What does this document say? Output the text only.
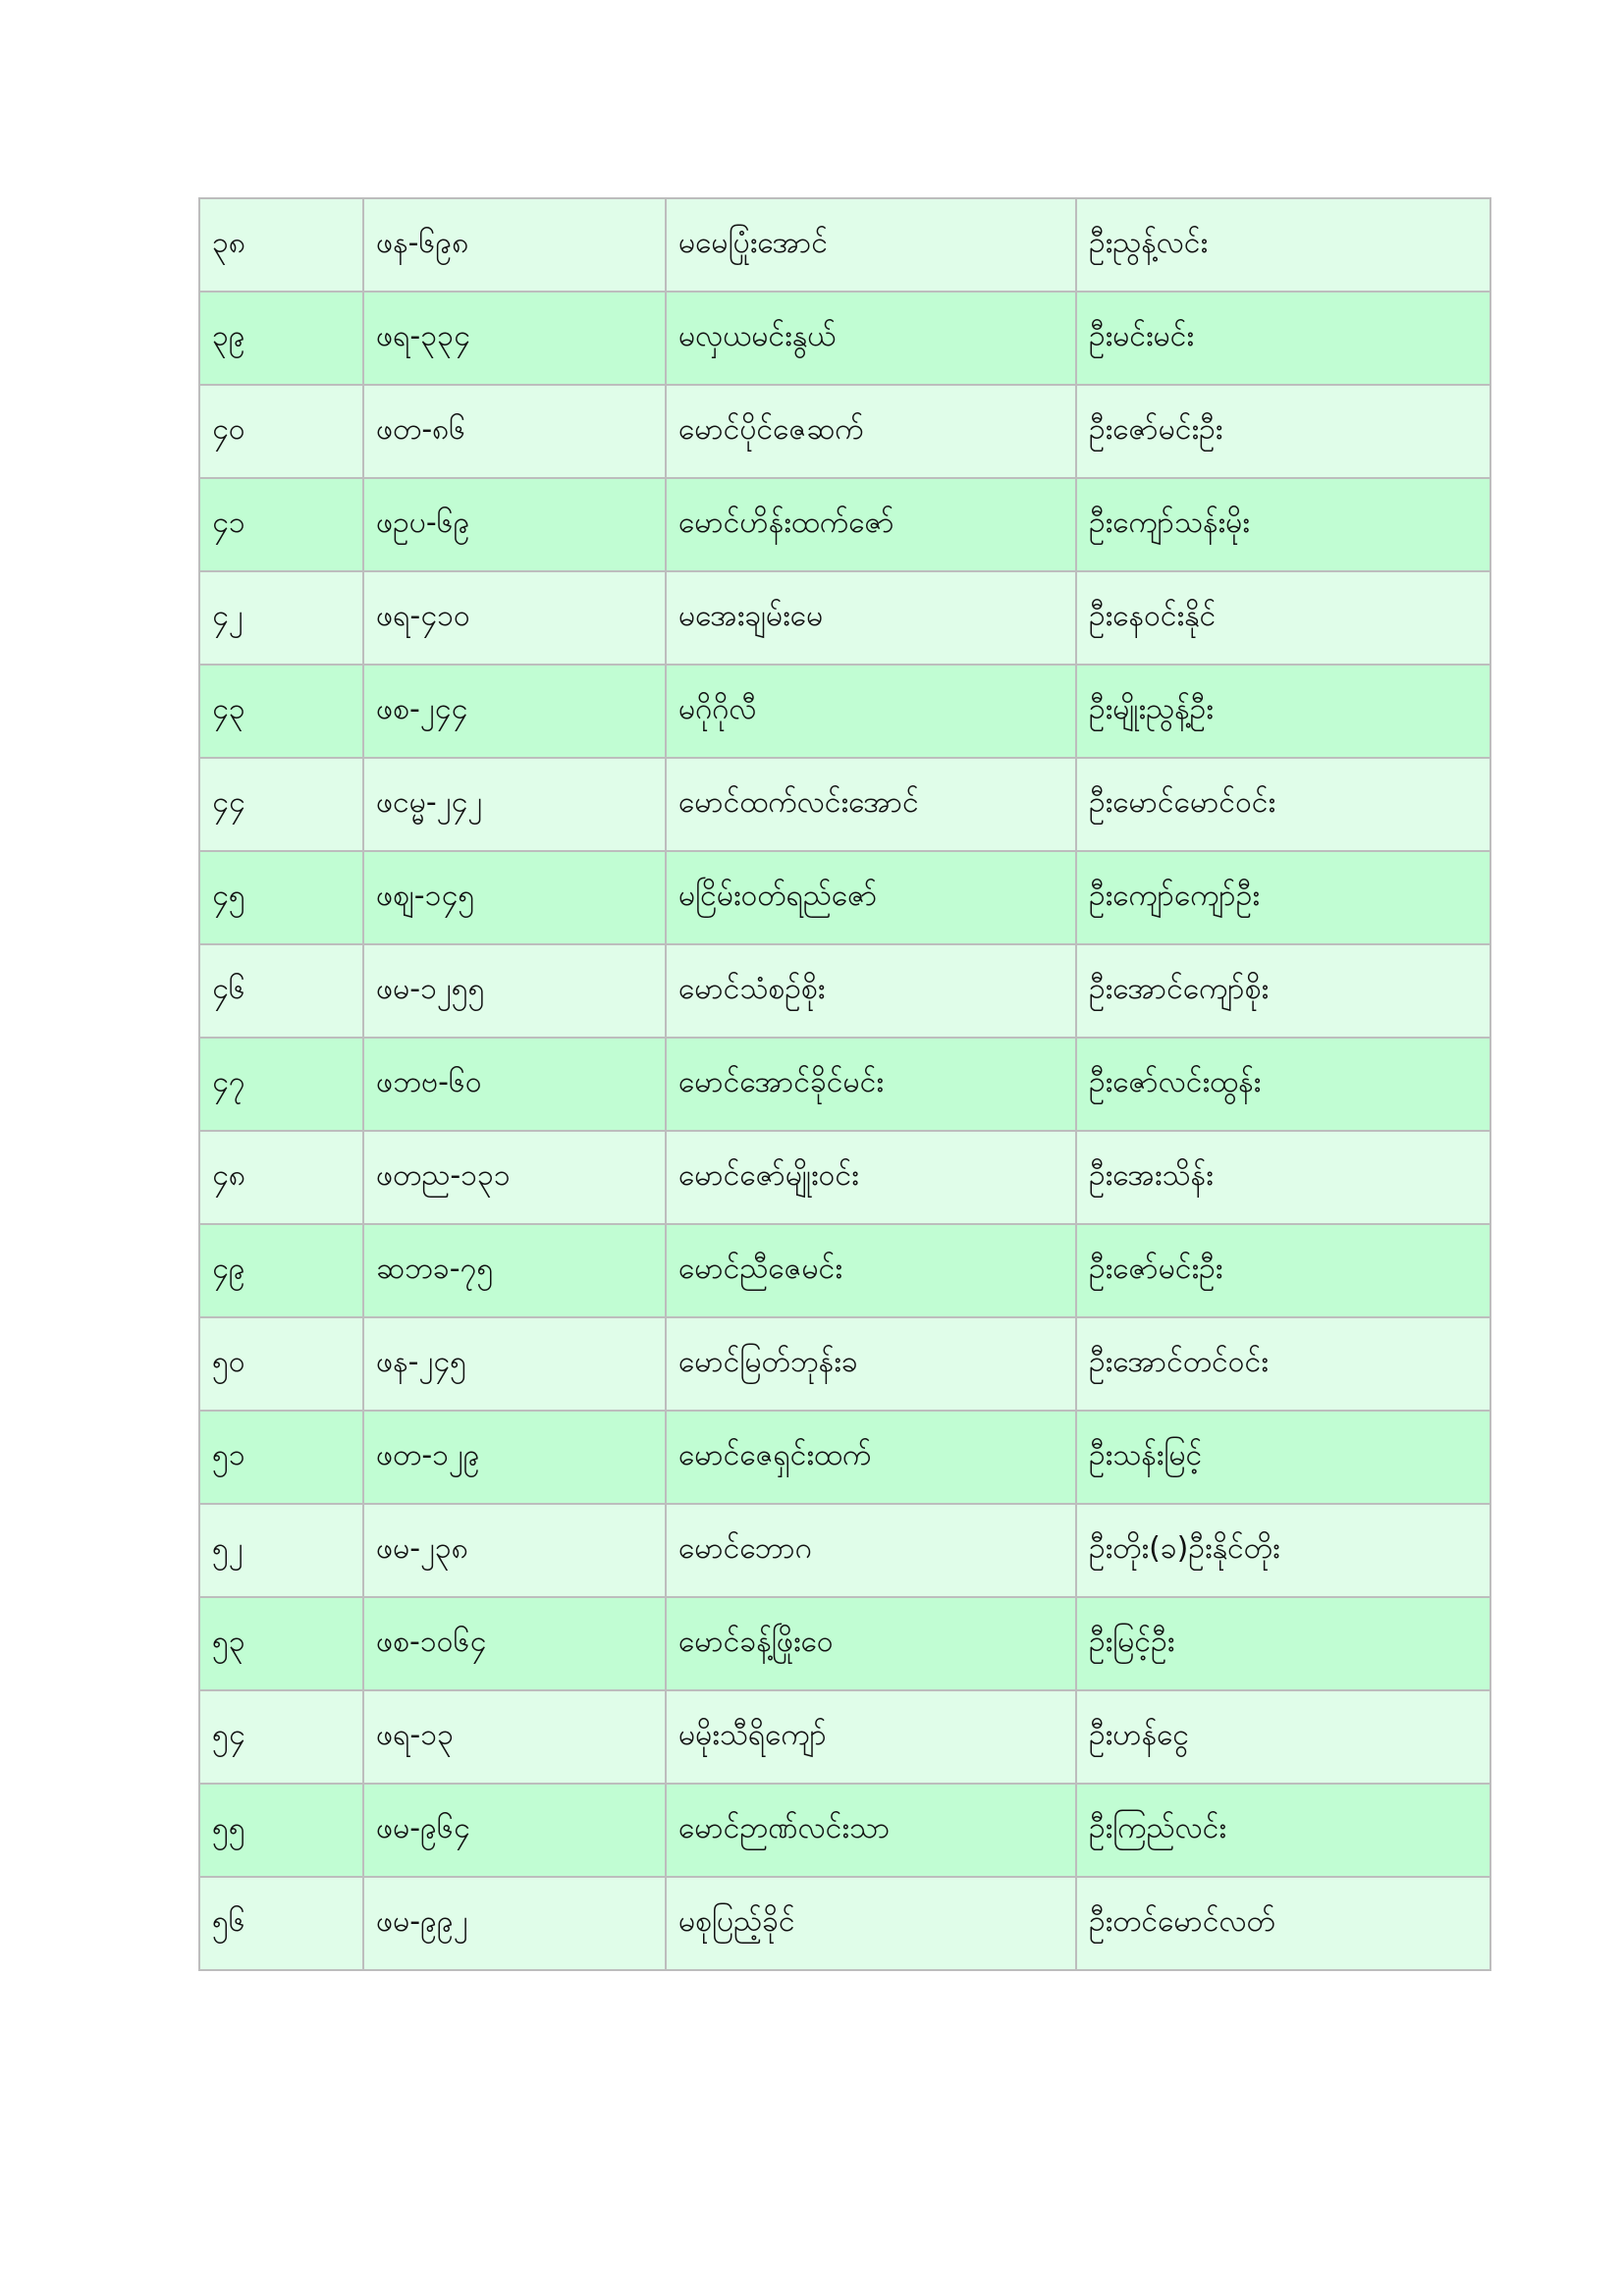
၃၈	ဖန-၆၉၈	မမေပြုံးအောင်	ဦးညွန့်လင်း
၃၉	ဖရ-၃၃၄	မလှယမင်းနွယ်	ဦးမင်းမင်း
၄၀	ဖတ-၈၆	မောင်ပိုင်ဇေဆက်	ဦးဇော်မင်းဦး
၄၁	ဖဥပ-၆၉	မောင်ဟိန်းထက်ဇော်	ဦးကျော်သန်းမိုး
၄၂	ဖရ-၄၁၀	မအေးချမ်းမေ	ဦးနေဝင်းနိုင်
၄၃	ဖစ-၂၄၄	မဂိုဂိုလီ	ဦးမျိုးညွန့်ဦး
၄၄	ဖငမ္မ-၂၄၂	မောင်ထက်လင်းအောင်	ဦးမောင်မောင်ဝင်း
၄၅	ဖစျ-၁၄၅	မငြိမ်းဝတ်ရည်ဇော်	ဦးကျော်ကျော်ဦး
၄၆	ဖမ-၁၂၅၅	မောင်သံစဉ်စိုး	ဦးအောင်ကျော်စိုး
၄၇	ဖဘဗ-၆၀	မောင်အောင်ခိုင်မင်း	ဦးဇော်လင်းထွန်း
၄၈	ဖတည-၁၃၁	မောင်ဇော်မျိုးဝင်း	ဦးအေးသိန်း
၄၉	ဆဘခ-၇၅	မောင်ညီဇေမင်း	ဦးဇော်မင်းဦး
၅၀	ဖန-၂၄၅	မောင်မြတ်ဘုန်းခ	ဦးအောင်တင်ဝင်း
၅၁	ဖတ-၁၂၉	မောင်ဇေရှင်းထက်	ဦးသန်းမြင့်
၅၂	ဖမ-၂၃၈	မောင်ဘောဂ	ဦးတိုး(ခ)ဦးနိုင်တိုး
၅၃	ဖစ-၁၀၆၄	မောင်ခန့်ဖြိုးဝေ	ဦးမြင့်ဦး
၅၄	ဖရ-၁၃	မမိုးသီရိကျော်	ဦးဟန်ငွေ
၅၅	ဖမ-၉၆၄	မောင်ဉာဏ်လင်းသာ	ဦးကြည်လင်း
၅၆	ဖမ-၉၉၂	မစုပြည့်ခိုင်	ဦးတင်မောင်လတ်
